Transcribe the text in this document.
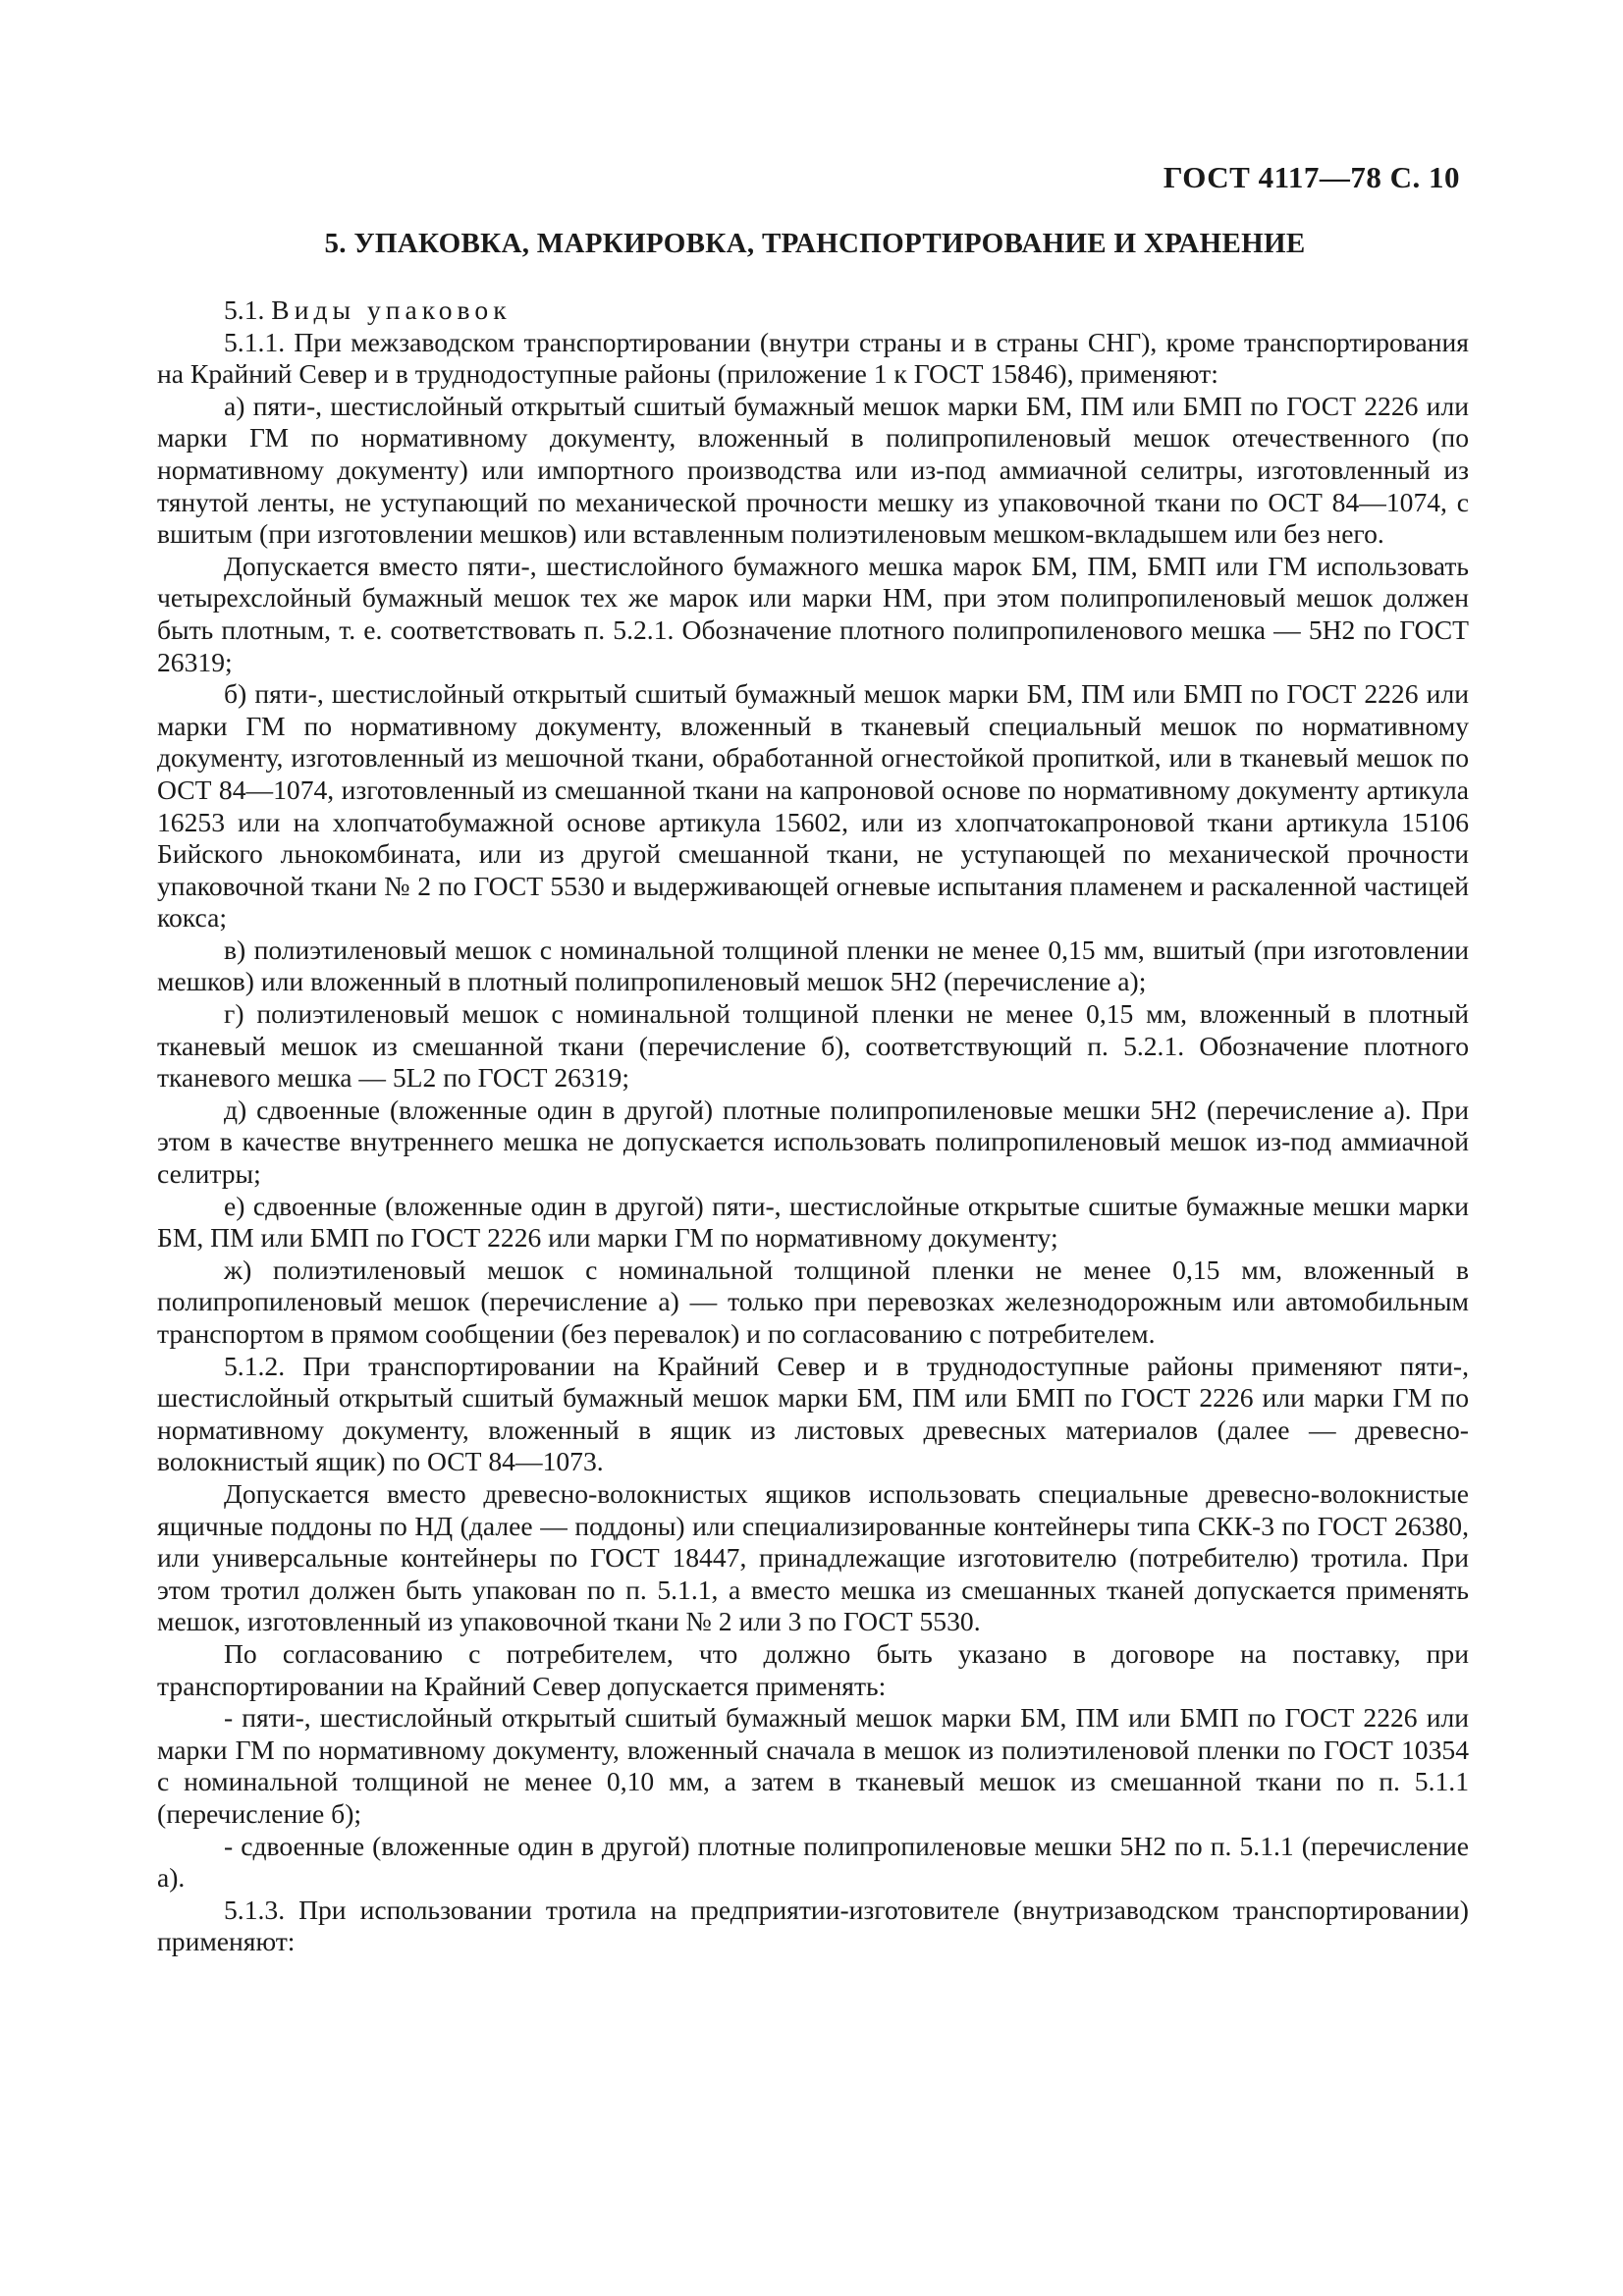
ГОСТ 4117—78 С. 10
5. УПАКОВКА, МАРКИРОВКА, ТРАНСПОРТИРОВАНИЕ И ХРАНЕНИЕ

5.1. Виды упаковок

5.1.1. При межзаводском транспортировании (внутри страны и в страны СНГ), кроме транспортирования на Крайний Север и в труднодоступные районы (приложение 1 к ГОСТ 15846), применяют:

а) пяти-, шестислойный открытый сшитый бумажный мешок марки БМ, ПМ или БМП по ГОСТ 2226 или марки ГМ по нормативному документу, вложенный в полипропиленовый мешок отечественного (по нормативному документу) или импортного производства или из-под аммиачной селитры, изготовленный из тянутой ленты, не уступающий по механической прочности мешку из упаковочной ткани по ОСТ 84—1074, с вшитым (при изготовлении мешков) или вставленным полиэтиленовым мешком-вкладышем или без него.

Допускается вместо пяти-, шестислойного бумажного мешка марок БМ, ПМ, БМП или ГМ использовать четырехслойный бумажный мешок тех же марок или марки НМ, при этом полипропиленовый мешок должен быть плотным, т. е. соответствовать п. 5.2.1. Обозначение плотного полипропиленового мешка — 5H2 по ГОСТ 26319;

б) пяти-, шестислойный открытый сшитый бумажный мешок марки БМ, ПМ или БМП по ГОСТ 2226 или марки ГМ по нормативному документу, вложенный в тканевый специальный мешок по нормативному документу, изготовленный из мешочной ткани, обработанной огнестойкой пропиткой, или в тканевый мешок по ОСТ 84—1074, изготовленный из смешанной ткани на капроновой основе по нормативному документу артикула 16253 или на хлопчатобумажной основе артикула 15602, или из хлопчатокапроновой ткани артикула 15106 Бийского льнокомбината, или из другой смешанной ткани, не уступающей по механической прочности упаковочной ткани № 2 по ГОСТ 5530 и выдерживающей огневые испытания пламенем и раскаленной частицей кокса;

в) полиэтиленовый мешок с номинальной толщиной пленки не менее 0,15 мм, вшитый (при изготовлении мешков) или вложенный в плотный полипропиленовый мешок 5H2 (перечисление а);

г) полиэтиленовый мешок с номинальной толщиной пленки не менее 0,15 мм, вложенный в плотный тканевый мешок из смешанной ткани (перечисление б), соответствующий п. 5.2.1. Обозначение плотного тканевого мешка — 5L2 по ГОСТ 26319;

д) сдвоенные (вложенные один в другой) плотные полипропиленовые мешки 5H2 (перечисление а). При этом в качестве внутреннего мешка не допускается использовать полипропиленовый мешок из-под аммиачной селитры;

е) сдвоенные (вложенные один в другой) пяти-, шестислойные открытые сшитые бумажные мешки марки БМ, ПМ или БМП по ГОСТ 2226 или марки ГМ по нормативному документу;

ж) полиэтиленовый мешок с номинальной толщиной пленки не менее 0,15 мм, вложенный в полипропиленовый мешок (перечисление а) — только при перевозках железнодорожным или автомобильным транспортом в прямом сообщении (без перевалок) и по согласованию с потребителем.

5.1.2. При транспортировании на Крайний Север и в труднодоступные районы применяют пяти-, шестислойный открытый сшитый бумажный мешок марки БМ, ПМ или БМП по ГОСТ 2226 или марки ГМ по нормативному документу, вложенный в ящик из листовых древесных материалов (далее — древесно-волокнистый ящик) по ОСТ 84—1073.

Допускается вместо древесно-волокнистых ящиков использовать специальные древесно-волокнистые ящичные поддоны по НД (далее — поддоны) или специализированные контейнеры типа СКК-3 по ГОСТ 26380, или универсальные контейнеры по ГОСТ 18447, принадлежащие изготовителю (потребителю) тротила. При этом тротил должен быть упакован по п. 5.1.1, а вместо мешка из смешанных тканей допускается применять мешок, изготовленный из упаковочной ткани № 2 или 3 по ГОСТ 5530.

По согласованию с потребителем, что должно быть указано в договоре на поставку, при транспортировании на Крайний Север допускается применять:

- пяти-, шестислойный открытый сшитый бумажный мешок марки БМ, ПМ или БМП по ГОСТ 2226 или марки ГМ по нормативному документу, вложенный сначала в мешок из полиэтиленовой пленки по ГОСТ 10354 с номинальной толщиной не менее 0,10 мм, а затем в тканевый мешок из смешанной ткани по п. 5.1.1 (перечисление б);

- сдвоенные (вложенные один в другой) плотные полипропиленовые мешки 5H2 по п. 5.1.1 (перечисление а).

5.1.3. При использовании тротила на предприятии-изготовителе (внутризаводском транспортировании) применяют:
